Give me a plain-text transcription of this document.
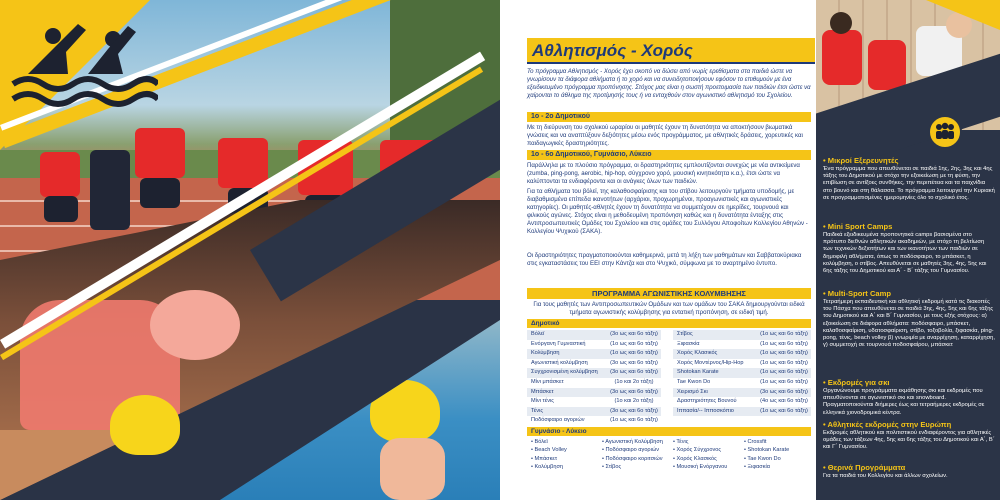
Αθλητισμός - Χορός
Το πρόγραμμα Αθλητισμός - Χορός έχει σκοπό να δώσει από νωρίς ερεθίσματα στα παιδιά ώστε να γνωρίσουν τα διάφορα αθλήματα ή το χορό και να συνειδητοποιήσουν εφόσον το επιθυμούν με ένα εξειδικευμένο πρόγραμμα προπόνησης. Στόχος μας είναι η σωστή προετοιμασία των παιδιών έτσι ώστε να χαίρονται το άθλημα της προτίμησής τους ή να ενταχθούν στον αγωνιστικό αθλητισμό του Σχολείου.
1ο - 2ο Δημοτικού
Με τη διεύρυνση του σχολικού ωραρίου οι μαθητές έχουν τη δυνατότητα να αποκτήσουν βιωματικά γνώσεις και να αναπτύξουν δεξιότητες μέσω ενός προγράμματος, με αθλητικές δράσεις, χορευτικές και παιδαγωγικές δραστηριότητες.
1ο - 6ο Δημοτικού, Γυμνάσιο, Λύκειο
Παράλληλα με το πλούσιο πρόγραμμα, οι δραστηριότητες εμπλουτίζονται συνεχώς με νέα αντικείμενα (zumba, ping-pong, aerobic, hip-hop, σύγχρονο χορό, μουσική κινητικότητα κ.α.), έτσι ώστε να καλύπτονται τα ενδιαφέροντα και οι ανάγκες όλων των παιδιών.
Για τα αθλήματα του βόλεϊ, της καλαθοσφαίρισης και του στίβου λειτουργούν τμήματα υποδομής, με διαβαθμισμένα επίπεδα ικανοτήτων (αρχάριοι, προχωρημένοι, προαγωνιστικές και αγωνιστικές κατηγορίες). Οι μαθητές-αθλητές έχουν τη δυνατότητα να συμμετέχουν σε ημερίδες, τουρνουά και φιλικούς αγώνες. Στόχος είναι η μεθοδευμένη προπόνηση καθώς και η δυνατότητα ένταξης στις Αντιπροσωπευτικές Ομάδες του Σχολείου και στις ομάδες του Συλλόγου Αποφοίτων Κολλεγίου Αθηνών - Κολλεγίου Ψυχικού (ΣΑΚΑ).
Οι δραστηριότητες πραγματοποιούνται καθημερινά, μετά τη λήξη των μαθημάτων και Σαββατοκύριακα στις εγκαταστάσεις του ΕΕΙ στην Κάντζα και στο Ψυχικό, σύμφωνα με το αναρτημένο έντυπο.
ΠΡΟΓΡΑΜΜΑ ΑΓΩΝΙΣΤΙΚΗΣ ΚΟΛΥΜΒΗΣΗΣ
Για τους μαθητές των Αντιπροσωπευτικών Ομάδων και των ομάδων του ΣΑΚΑ δημιουργούνται ειδικά τμήματα αγωνιστικής κολύμβησης για εντατική προπόνηση, σε ειδική τιμή.
Δημοτικό
Βόλεϊ	(3ο ως και 6ο τάξη)	Στίβος	(1ο ως και 6ο τάξη)
Ενόργανη Γυμναστική	(1ο ως και 6ο τάξη)	Ξιφασκία	(1ο ως και 6ο τάξη)
Κολύμβηση	(1ο ως και 6ο τάξη)	Χορός Κλασικός	(1ο ως και 6ο τάξη)
Αγωνιστική κολύμβηση	(3ο ως και 6ο τάξη)	Χορός Μοντέρνος/Hip-Hop	(1ο ως και 6ο τάξη)
Συγχρονισμένη κολύμβηση	(3ο ως και 6ο τάξη)	Shotokan Karate	(1ο ως και 6ο τάξη)
Μίνι μπάσκετ	(1ο και 2ο τάξη)	Tae Kwon Do	(1ο ως και 6ο τάξη)
Μπάσκετ	(3ο ως και 6ο τάξη)	Χειρισμό Σκι	(3ο ως και 6ο τάξη)
Μίνι τένις	(1ο και 2ο τάξη)	Δραστηριότητες Βουνού	(4ο ως και 6ο τάξη)
Τένις	(3ο ως και 6ο τάξη)	Ιππασία/-- Ιπποσκόπιο	(1ο ως και 6ο τάξη)
Ποδόσφαιρο αγοριών	(1ο ως και 6ο τάξη)
Γυμνάσιο - Λύκειο
• Βόλεϊ	• Αγωνιστική Κολύμβηση	• Τένις	• Crossfit
• Beach Volley	• Ποδόσφαιρο αγοριών	• Χορός Σύγχρονος	• Shotokan Karate
• Μπάσκετ	• Ποδόσφαιρο κοριτσιών	• Χορός Κλασικός	• Tae Kwon Do
• Κολύμβηση	• Στίβος	• Μουσική Ενόργανου	• Ξιφασκία
• Μικροί Εξερευνητές
Ένα πρόγραμμα που απευθύνεται σε παιδιά 1ης, 2ης, 3ης και 4ης τάξης του Δημοτικού με στόχο την εξοικείωση με τη φύση, την επιβίωση σε αντίξοες συνθήκες, την περιπέτεια και τα παιχνίδια στο βουνό και στη θάλασσα. Το πρόγραμμα λειτουργεί την Κυριακή σε προγραμματισμένες ημερομηνίες όλο το σχολικό έτος.
• Mini Sport Camps
Παιδικά εξειδικευμένα προπονητικά camps βασισμένα στο πρότυπο διεθνών αθλητικών ακαδημιών, με στόχο τη βελτίωση των τεχνικών δεξιοτήτων και των ικανοτήτων των παιδιών σε δημοφιλή αθλήματα, όπως το ποδόσφαιρο, το μπάσκετ, η κολύμβηση, ο στίβος. Απευθύνεται σε μαθητές 3ης, 4ης, 5ης και 6ης τάξης του Δημοτικού και Α΄ - Β΄ τάξης του Γυμνασίου.
• Multi-Sport Camp
Τετραήμερη εκπαιδευτική και αθλητική εκδρομή κατά τις διακοπές του Πάσχα που απευθύνεται σε παιδιά 3ης, 4ης, 5ης και 6ης τάξης του Δημοτικού και Α΄ και Β΄ Γυμνασίου, με τους εξής στόχους: α) εξοικείωση σε διάφορα αθλήματα: ποδόσφαιρο, μπάσκετ, καλαθοσφαίριση, υδατοσφαίριση, στίβο, τοξοβολία, ξιφασκία, ping-pong, τένις, beach volley β) γνωριμία με αναρρίχηση, καταρρίχηση, γ) συμμετοχή σε τουρνουά ποδοσφαίρου, μπάσκετ
• Εκδρομές για σκι
Οργανώνουμε προγράμματα εκμάθησης σκι και εκδρομές που απευθύνονται σε αγωνιστικό σκι και snowboard. Πραγματοποιούνται διήμερες έως και τετραήμερες εκδρομές σε ελληνικά χιονοδρομικά κέντρα.
• Αθλητικές εκδρομές στην Ευρώπη
Εκδρομές αθλητικού και πολιτιστικού ενδιαφέροντος για αθλητικές ομάδες των τάξεων 4ης, 5ης και 6ης τάξης του Δημοτικού και Α΄, Β΄ και Γ΄ Γυμνασίου.
• Θερινά Προγράμματα
Για τα παιδιά του Κολλεγίου και άλλων σχολείων.
